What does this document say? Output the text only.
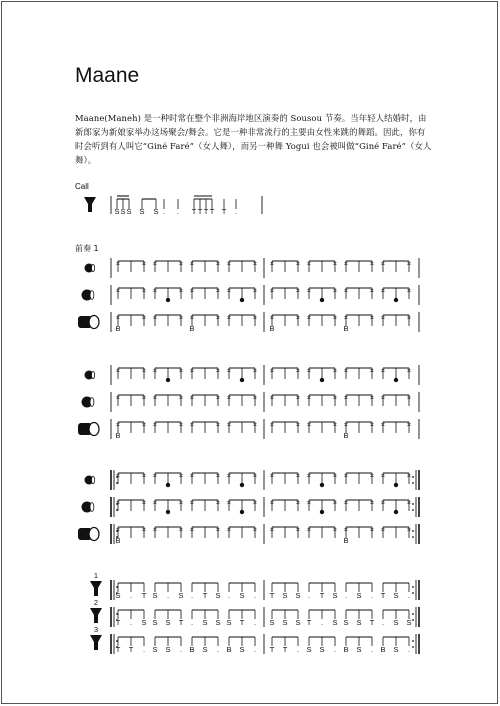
Maane
Maane(Maneh) 是一种时常在整个非洲海岸地区演奏的 Sousou 节奏。当年轻人结婚时，由新郎家为新娘家举办这场聚会/舞会。它是一种非常流行的主要由女性来跳的舞蹈。因此，你有时会听到有人叫它“Giné Faré”（女人舞），而另一种舞 Yogui 也会被叫做“Giné Faré”（女人舞）。
Call
前奏 1
S S S S S . . T T T T T .
×	× ×	× ×	× ×	× ×	× ×	× ×	× ×	×
×	× ×	× ×	× ×	× ×	× ×	× ×	× ×	×
×	×
B
×	× ×	×
B
×	× ×	×
B
×	× ×	×
B
×	×
×	× ×	× ×	× ×	× ×	× ×	× ×	× ×	×
×	× ×	× ×	× ×	× ×	× ×	× ×	× ×	×
×	×
B
×	× ×	× ×	× ×	× ×	× ×	×
B
×	×
×	× ×	× ×	× ×	× ×	× ×	× ×	× ×	×
×	× ×	× ×	× ×	× ×	× ×	× ×	× ×	×
×	×
B
×	× ×	× ×	× ×	× ×	× ×	×
B
×	×
1
S . T S . S . T S . S . T S S . T S . S . T S .
2
T . S S S T . S S S T . S S S T . S S S T . S S
3
T T . S S . B S . B S . T T . S S . B S . B S .
